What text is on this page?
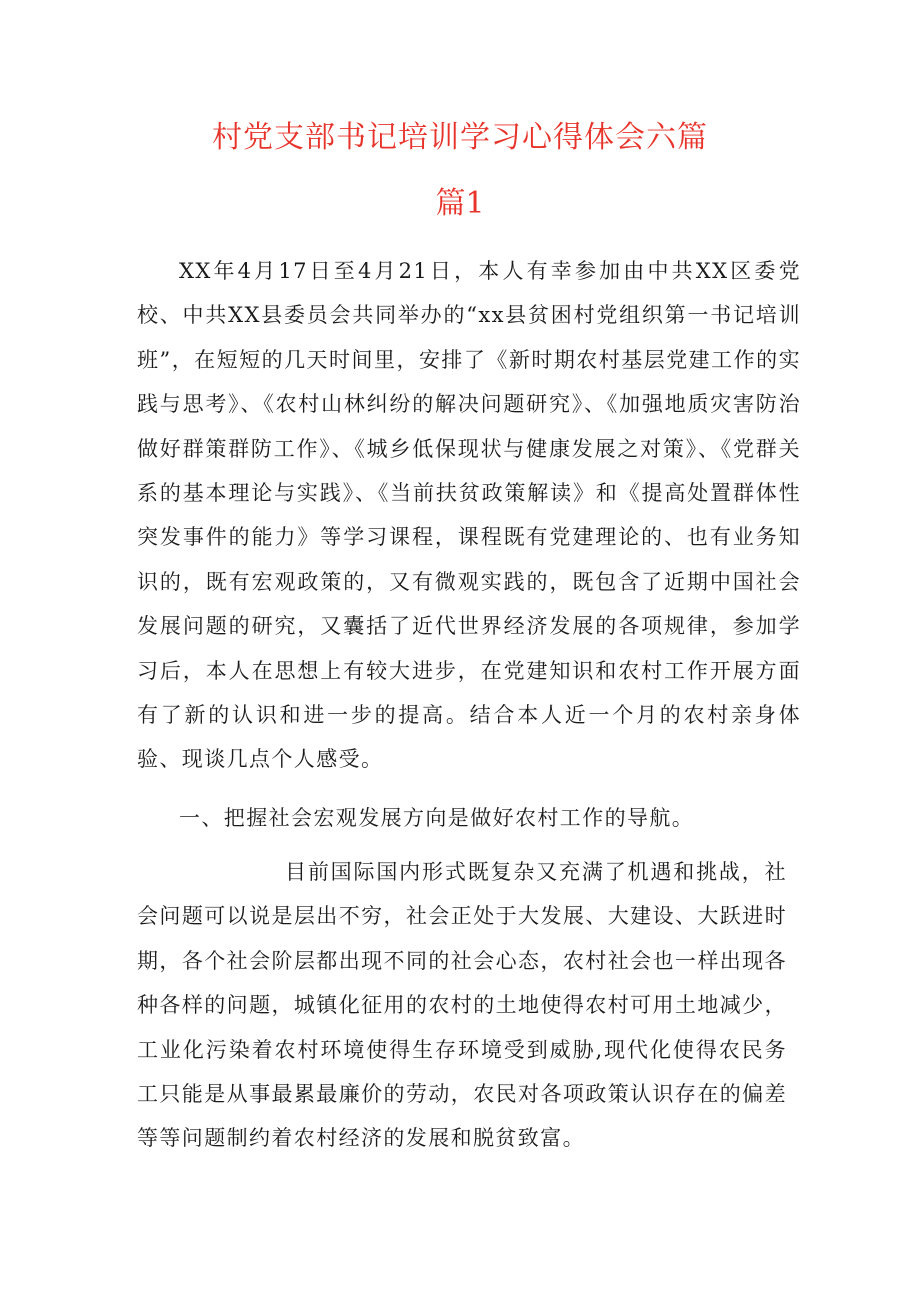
村党支部书记培训学习心得体会六篇
篇1

XX年4月17日至4月21日，本人有幸参加由中共XX区委党校、中共XX县委员会共同举办的“xx县贫困村党组织第一书记培训班”，在短短的几天时间里，安排了《新时期农村基层党建工作的实践与思考》、《农村山林纠纷的解决问题研究》、《加强地质灾害防治做好群策群防工作》、《城乡低保现状与健康发展之对策》、《党群关系的基本理论与实践》、《当前扶贫政策解读》和《提高处置群体性突发事件的能力》等学习课程，课程既有党建理论的、也有业务知识的，既有宏观政策的，又有微观实践的，既包含了近期中国社会发展问题的研究，又囊括了近代世界经济发展的各项规律，参加学习后，本人在思想上有较大进步，在党建知识和农村工作开展方面有了新的认识和进一步的提高。结合本人近一个月的农村亲身体验、现谈几点个人感受。

一、把握社会宏观发展方向是做好农村工作的导航。

目前国际国内形式既复杂又充满了机遇和挑战，社会问题可以说是层出不穷，社会正处于大发展、大建设、大跃进时期，各个社会阶层都出现不同的社会心态，农村社会也一样出现各种各样的问题，城镇化征用的农村的土地使得农村可用土地减少，工业化污染着农村环境使得生存环境受到威胁,现代化使得农民务工只能是从事最累最廉价的劳动，农民对各项政策认识存在的偏差等等问题制约着农村经济的发展和脱贫致富。
